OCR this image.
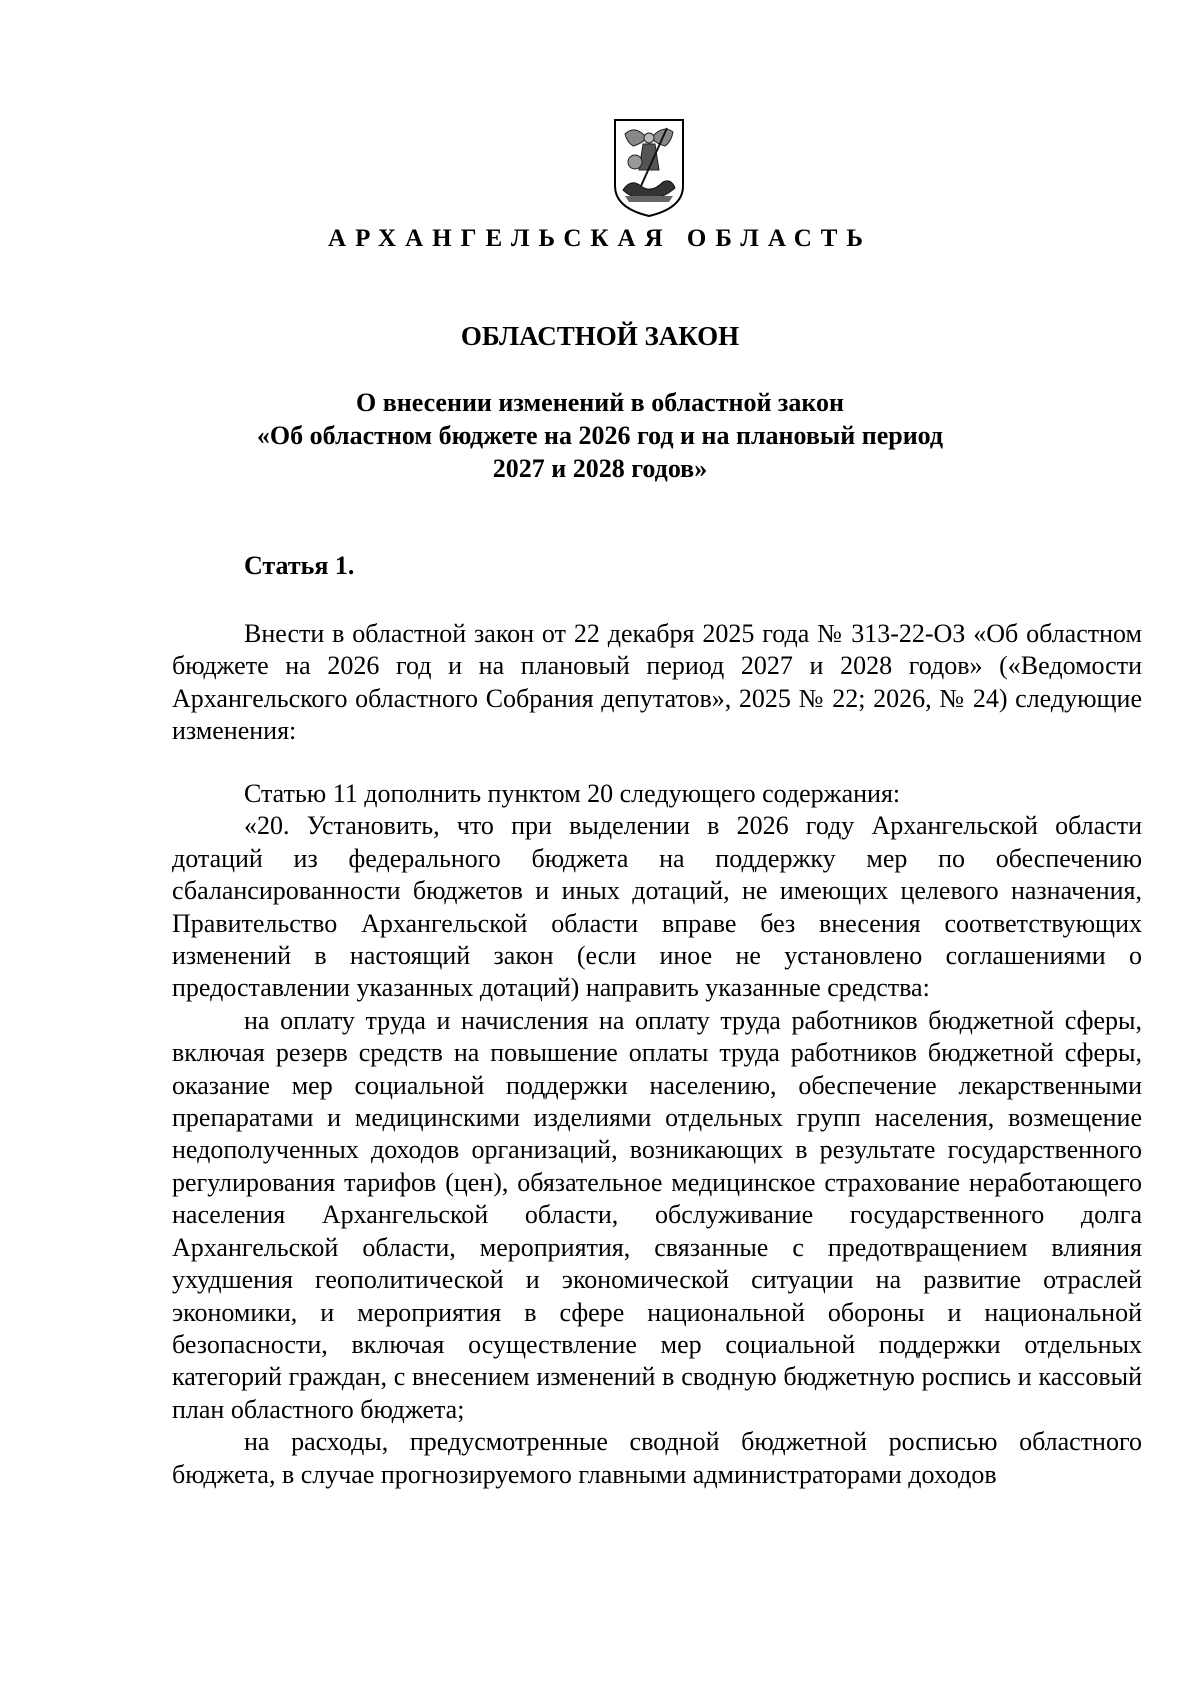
АРХАНГЕЛЬСКАЯ ОБЛАСТЬ
ОБЛАСТНОЙ ЗАКОН
О внесении изменений в областной закон
«Об областном бюджете на 2026 год и на плановый период
2027 и 2028 годов»
Статья 1.

Внести в областной закон от 22 декабря 2025 года № 313-22-ОЗ «Об областном бюджете на 2026 год и на плановый период 2027 и 2028 годов» («Ведомости Архангельского областного Собрания депутатов», 2025 № 22; 2026, № 24) следующие изменения:

Статью 11 дополнить пунктом 20 следующего содержания:

«20. Установить, что при выделении в 2026 году Архангельской области дотаций из федерального бюджета на поддержку мер по обеспечению сбалансированности бюджетов и иных дотаций, не имеющих целевого назначения, Правительство Архангельской области вправе без внесения соответствующих изменений в настоящий закон (если иное не установлено соглашениями о предоставлении указанных дотаций) направить указанные средства:

на оплату труда и начисления на оплату труда работников бюджетной сферы, включая резерв средств на повышение оплаты труда работников бюджетной сферы, оказание мер социальной поддержки населению, обеспечение лекарственными препаратами и медицинскими изделиями отдельных групп населения, возмещение недополученных доходов организаций, возникающих в результате государственного регулирования тарифов (цен), обязательное медицинское страхование неработающего населения Архангельской области, обслуживание государственного долга Архангельской области, мероприятия, связанные с предотвращением влияния ухудшения геополитической и экономической ситуации на развитие отраслей экономики, и мероприятия в сфере национальной обороны и национальной безопасности, включая осуществление мер социальной поддержки отдельных категорий граждан, с внесением изменений в сводную бюджетную роспись и кассовый план областного бюджета;

на расходы, предусмотренные сводной бюджетной росписью областного бюджета, в случае прогнозируемого главными администраторами доходов
